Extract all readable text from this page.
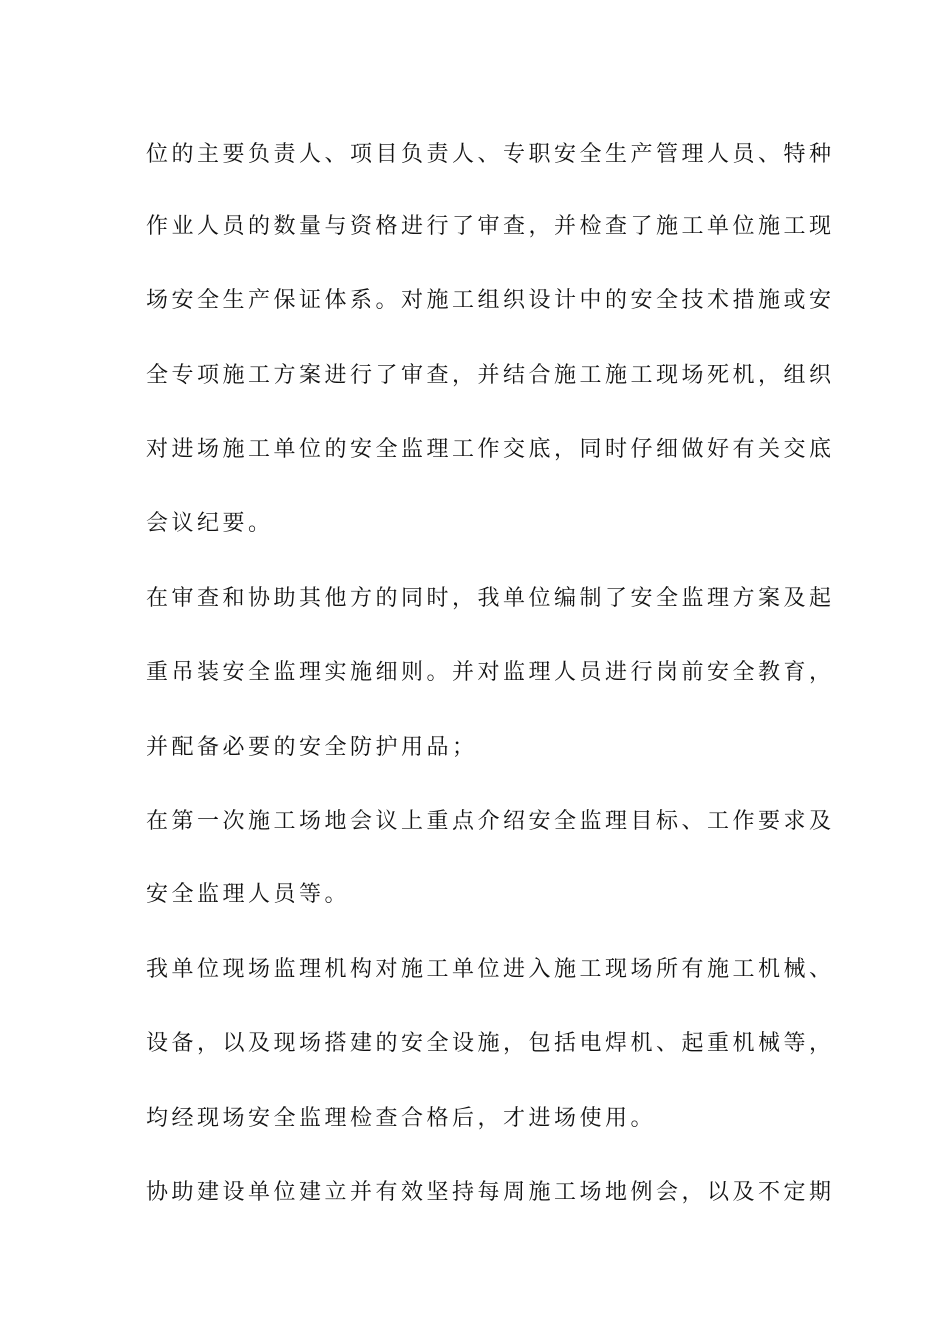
位的主要负责人、项目负责人、专职安全生产管理人员、特种
作业人员的数量与资格进行了审查，并检查了施工单位施工现
场安全生产保证体系。对施工组织设计中的安全技术措施或安
全专项施工方案进行了审查，并结合施工施工现场死机，组织
对进场施工单位的安全监理工作交底，同时仔细做好有关交底
会议纪要。
在审查和协助其他方的同时，我单位编制了安全监理方案及起
重吊装安全监理实施细则。并对监理人员进行岗前安全教育，
并配备必要的安全防护用品；
在第一次施工场地会议上重点介绍安全监理目标、工作要求及
安全监理人员等。
我单位现场监理机构对施工单位进入施工现场所有施工机械、
设备，以及现场搭建的安全设施，包括电焊机、起重机械等，
均经现场安全监理检查合格后，才进场使用。
协助建设单位建立并有效坚持每周施工场地例会，以及不定期
